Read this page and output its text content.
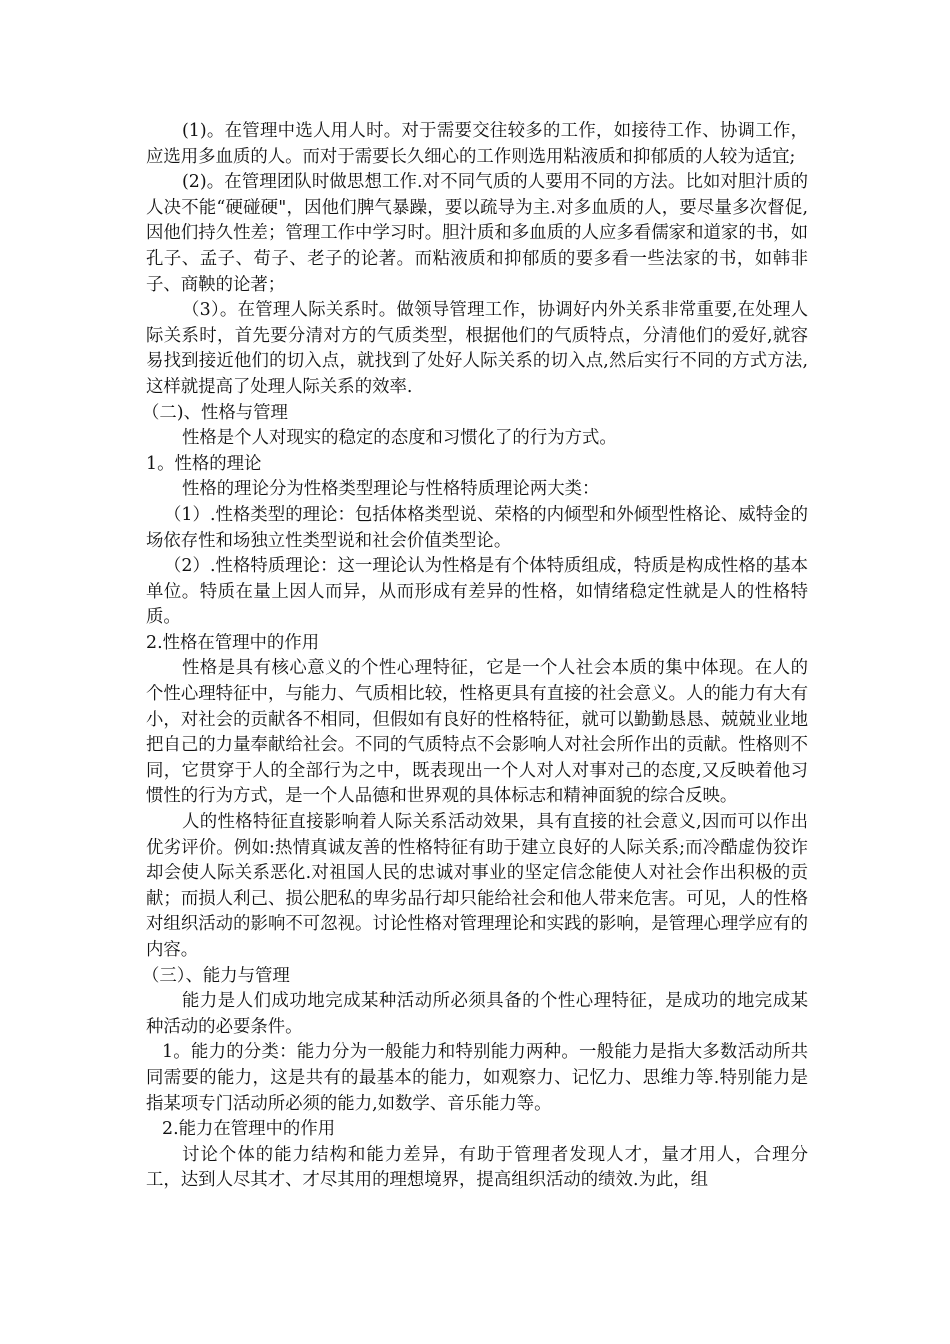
(1)。在管理中选人用人时。对于需要交往较多的工作，如接待工作、协调工作，应选用多血质的人。而对于需要长久细心的工作则选用粘液质和抑郁质的人较为适宜;

(2)。在管理团队时做思想工作.对不同气质的人要用不同的方法。比如对胆汁质的人决不能“硬碰硬"，因他们脾气暴躁，要以疏导为主.对多血质的人，要尽量多次督促,因他们持久性差；管理工作中学习时。胆汁质和多血质的人应多看儒家和道家的书，如孔子、孟子、荀子、老子的论著。而粘液质和抑郁质的要多看一些法家的书，如韩非子、商鞅的论著；

（3）。在管理人际关系时。做领导管理工作，协调好内外关系非常重要,在处理人际关系时，首先要分清对方的气质类型，根据他们的气质特点，分清他们的爱好,就容易找到接近他们的切入点，就找到了处好人际关系的切入点,然后实行不同的方式方法,这样就提高了处理人际关系的效率.

（二)、性格与管理

性格是个人对现实的稳定的态度和习惯化了的行为方式。

1。性格的理论

性格的理论分为性格类型理论与性格特质理论两大类：

（1）.性格类型的理论：包括体格类型说、荣格的内倾型和外倾型性格论、威特金的场依存性和场独立性类型说和社会价值类型论。

（2）.性格特质理论：这一理论认为性格是有个体特质组成，特质是构成性格的基本单位。特质在量上因人而异，从而形成有差异的性格，如情绪稳定性就是人的性格特质。

2.性格在管理中的作用

性格是具有核心意义的个性心理特征，它是一个人社会本质的集中体现。在人的个性心理特征中，与能力、气质相比较，性格更具有直接的社会意义。人的能力有大有小，对社会的贡献各不相同，但假如有良好的性格特征，就可以勤勤恳恳、兢兢业业地把自己的力量奉献给社会。不同的气质特点不会影响人对社会所作出的贡献。性格则不同，它贯穿于人的全部行为之中，既表现出一个人对人对事对己的态度,又反映着他习惯性的行为方式，是一个人品德和世界观的具体标志和精神面貌的综合反映。

人的性格特征直接影响着人际关系活动效果，具有直接的社会意义,因而可以作出优劣评价。例如:热情真诚友善的性格特征有助于建立良好的人际关系;而冷酷虚伪狡诈却会使人际关系恶化.对祖国人民的忠诚对事业的坚定信念能使人对社会作出积极的贡献；而损人利己、损公肥私的卑劣品行却只能给社会和他人带来危害。可见，人的性格对组织活动的影响不可忽视。讨论性格对管理理论和实践的影响，是管理心理学应有的内容。

（三）、能力与管理

能力是人们成功地完成某种活动所必须具备的个性心理特征，是成功的地完成某种活动的必要条件。

1。能力的分类：能力分为一般能力和特别能力两种。一般能力是指大多数活动所共同需要的能力，这是共有的最基本的能力，如观察力、记忆力、思维力等.特别能力是指某项专门活动所必须的能力,如数学、音乐能力等。

2.能力在管理中的作用

讨论个体的能力结构和能力差异，有助于管理者发现人才，量才用人，合理分工，达到人尽其才、才尽其用的理想境界，提高组织活动的绩效.为此，组
